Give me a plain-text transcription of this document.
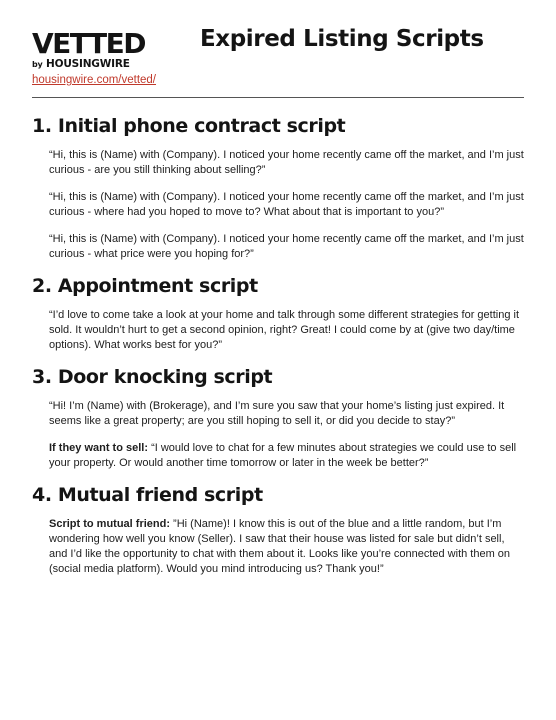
VETTED
by HOUSINGWIRE
housingwire.com/vetted/
Expired Listing Scripts
1. Initial phone contract script

“Hi, this is (Name) with (Company). I noticed your home recently came off the market, and I’m just curious - are you still thinking about selling?”

“Hi, this is (Name) with (Company). I noticed your home recently came off the market, and I’m just curious - where had you hoped to move to? What about that is important to you?”

“Hi, this is (Name) with (Company). I noticed your home recently came off the market, and I’m just curious - what price were you hoping for?”

2. Appointment script

“I’d love to come take a look at your home and talk through some different strategies for getting it sold. It wouldn’t hurt to get a second opinion, right? Great! I could come by at (give two day/time options). What works best for you?”

3. Door knocking script

“Hi! I’m (Name) with (Brokerage), and I’m sure you saw that your home’s listing just expired. It seems like a great property; are you still hoping to sell it, or did you decide to stay?”

If they want to sell: “I would love to chat for a few minutes about strategies we could use to sell your property. Or would another time tomorrow or later in the week be better?”

4. Mutual friend script

Script to mutual friend: ”Hi (Name)! I know this is out of the blue and a little random, but I’m wondering how well you know (Seller). I saw that their house was listed for sale but didn’t sell, and I’d like the opportunity to chat with them about it. Looks like you’re connected with them on (social media platform). Would you mind introducing us? Thank you!”
